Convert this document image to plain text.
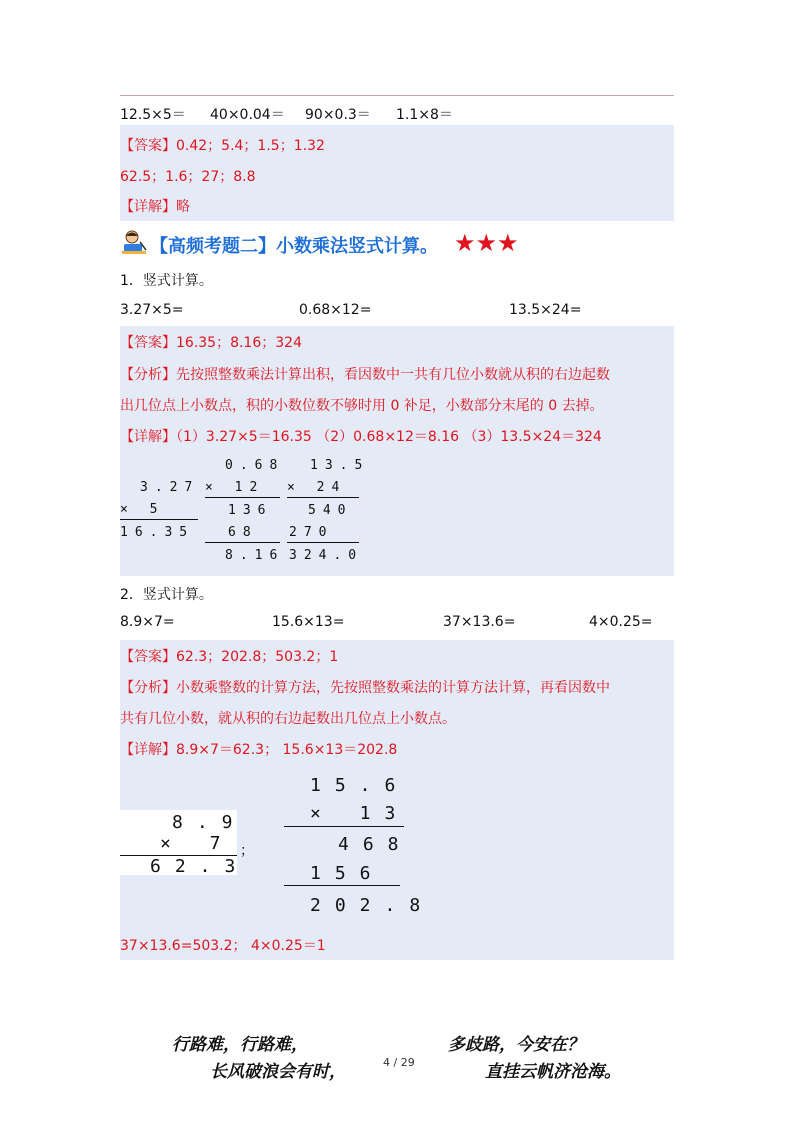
12.5×5＝ 40×0.04＝ 90×0.3＝ 1.1×8＝
【答案】0.42；5.4；1.5；1.32
62.5；1.6；27；8.8
【详解】略
【高频考题二】小数乘法竖式计算。 ★★★
1．竖式计算。
3.27×5=	0.68×12=	13.5×24=
【答案】16.35；8.16；324
【分析】先按照整数乘法计算出积，看因数中一共有几位小数就从积的右边起数
出几位点上小数点，积的小数位数不够时用 0 补足，小数部分末尾的 0 去掉。
【详解】（1）3.27×5＝16.35 （2）0.68×12＝8.16 （3）13.5×24＝324
3.27
× 5
16.35
0.68
× 12
136
68
8.16
13.5
× 24
540
270
324.0
2．竖式计算。
8.9×7=	15.6×13=	37×13.6=	4×0.25=
【答案】62.3；202.8；503.2；1
【分析】小数乘整数的计算方法，先按照整数乘法的计算方法计算，再看因数中
共有几位小数，就从积的右边起数出几位点上小数点。
【详解】8.9×7＝62.3； 15.6×13＝202.8
8.9
× 7
62.3
；
15.6
× 13
468
156
202.8
37×13.6=503.2； 4×0.25＝1
行路难，行路难，	多歧路，今安在？
长风破浪会有时，	直挂云帆济沧海。
4 / 29
